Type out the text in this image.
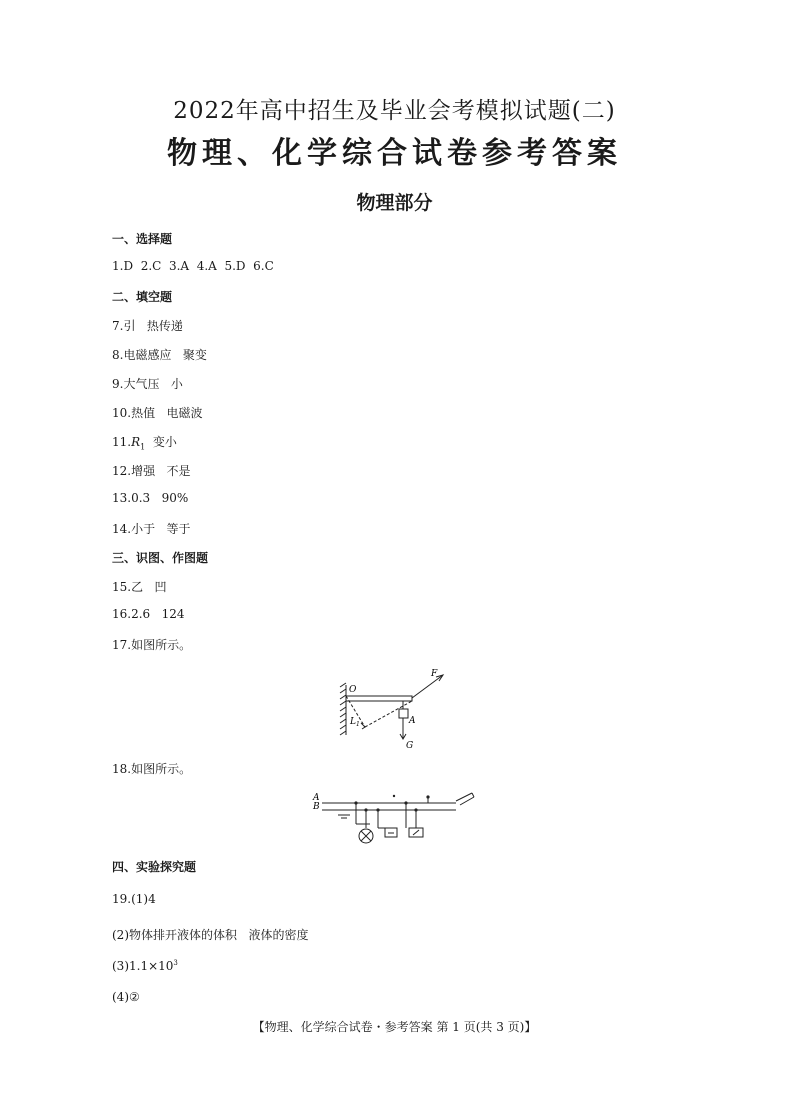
2022年高中招生及毕业会考模拟试题(二)
物理、化学综合试卷参考答案
物理部分
一、选择题
1.D  2.C  3.A  4.A  5.D  6.C
二、填空题
7.引   热传递
8.电磁感应   聚变
9.大气压   小
10.热值   电磁波
$11.R_1$  变小
12.增强   不是
13.0.3   90%
14.小于   等于
三、识图、作图题
15.乙   凹
16.2.6   124
17.如图所示。
O
F
L 1	A
G
18.如图所示。
A
B
四、实验探究题
19.(1)4
(2)物体排开液体的体积   液体的密度
$(3)1.1\times 10^3$
(4)②
【物理、化学综合试卷・参考答案 第 1 页(共 3 页)】
